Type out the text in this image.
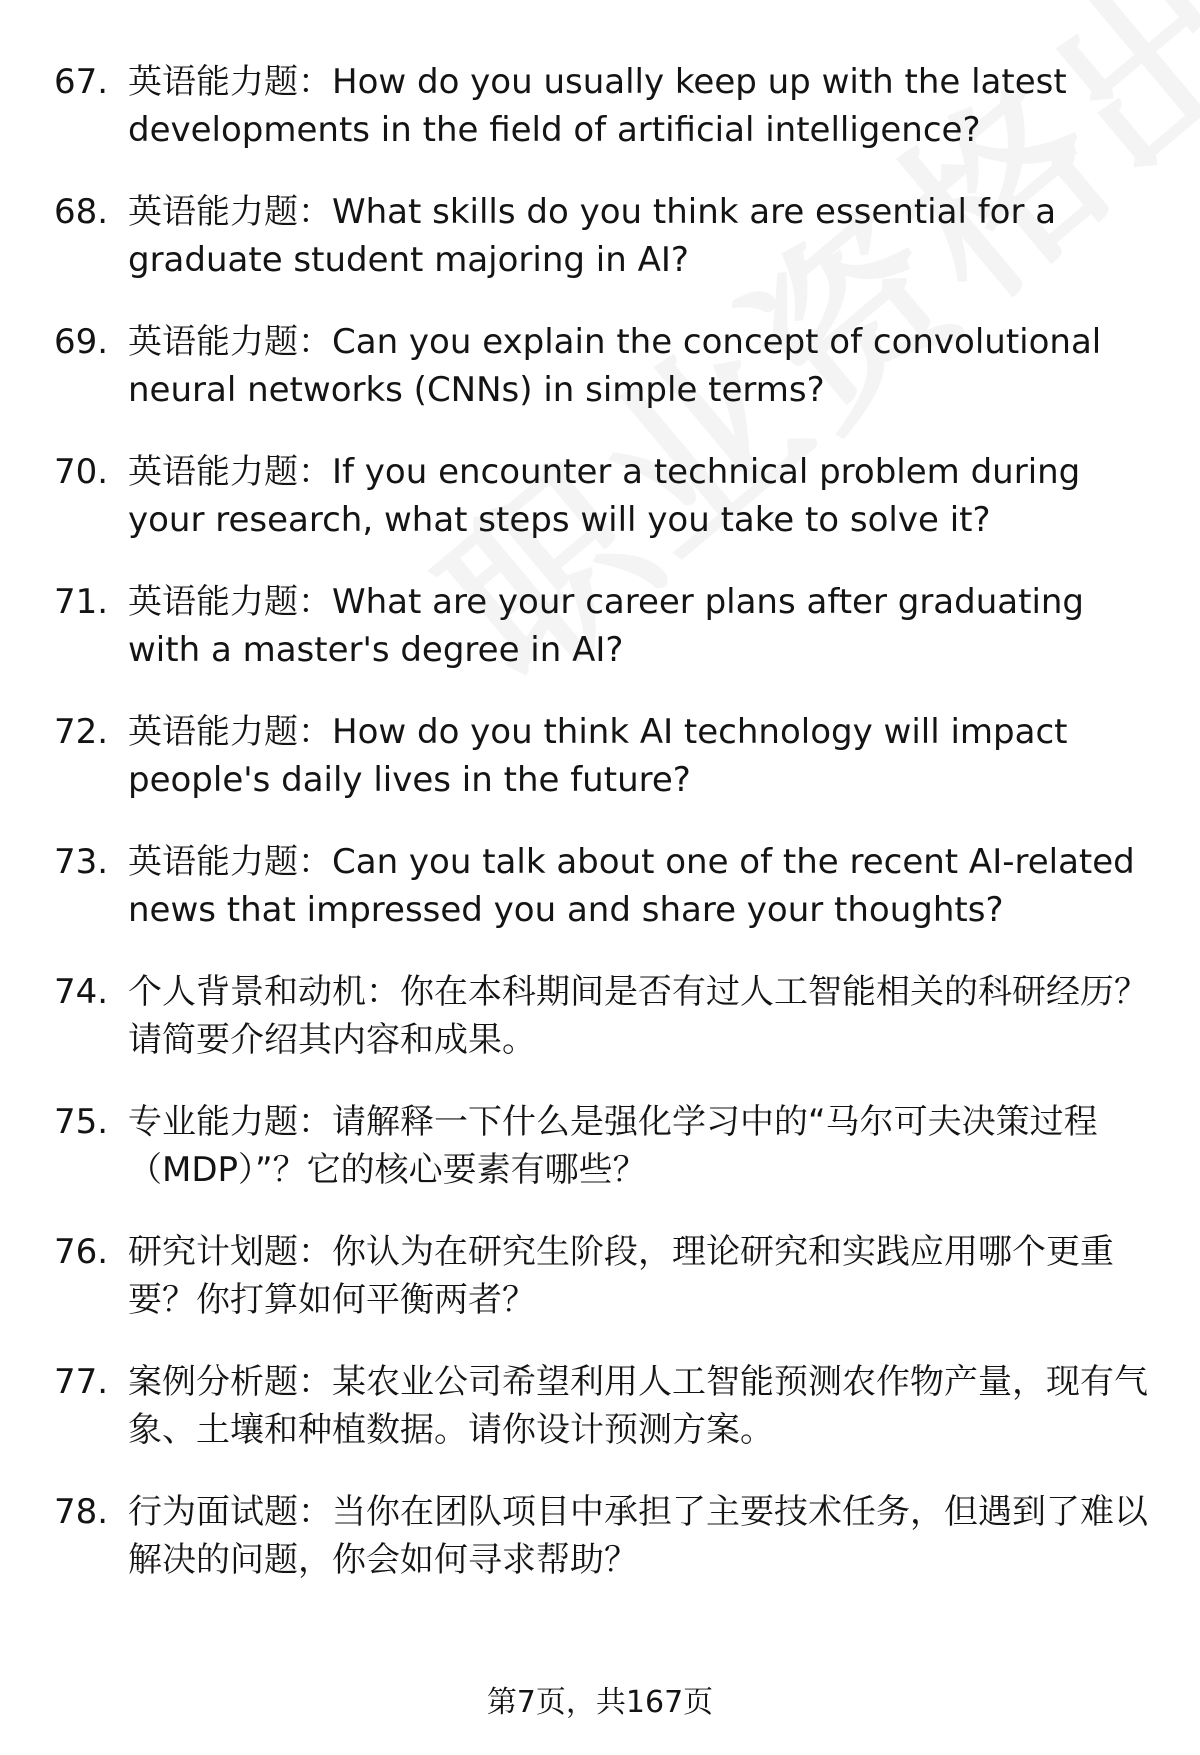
67. 英语能力题：How do you usually keep up with the latest developments in the field of artificial intelligence?
68. 英语能力题：What skills do you think are essential for a graduate student majoring in AI?
69. 英语能力题：Can you explain the concept of convolutional neural networks (CNNs) in simple terms?
70. 英语能力题：If you encounter a technical problem during your research, what steps will you take to solve it?
71. 英语能力题：What are your career plans after graduating with a master's degree in AI?
72. 英语能力题：How do you think AI technology will impact people's daily lives in the future?
73. 英语能力题：Can you talk about one of the recent AI-related news that impressed you and share your thoughts?
74. 个人背景和动机：你在本科期间是否有过人工智能相关的科研经历？请简要介绍其内容和成果。
75. 专业能力题：请解释一下什么是强化学习中的“马尔可夫决策过程（MDP）”？它的核心要素有哪些？
76. 研究计划题：你认为在研究生阶段，理论研究和实践应用哪个更重要？你打算如何平衡两者？
77. 案例分析题：某农业公司希望利用人工智能预测农作物产量，现有气象、土壤和种植数据。请你设计预测方案。
78. 行为面试题：当你在团队项目中承担了主要技术任务，但遇到了难以解决的问题，你会如何寻求帮助？
第7页，共167页
